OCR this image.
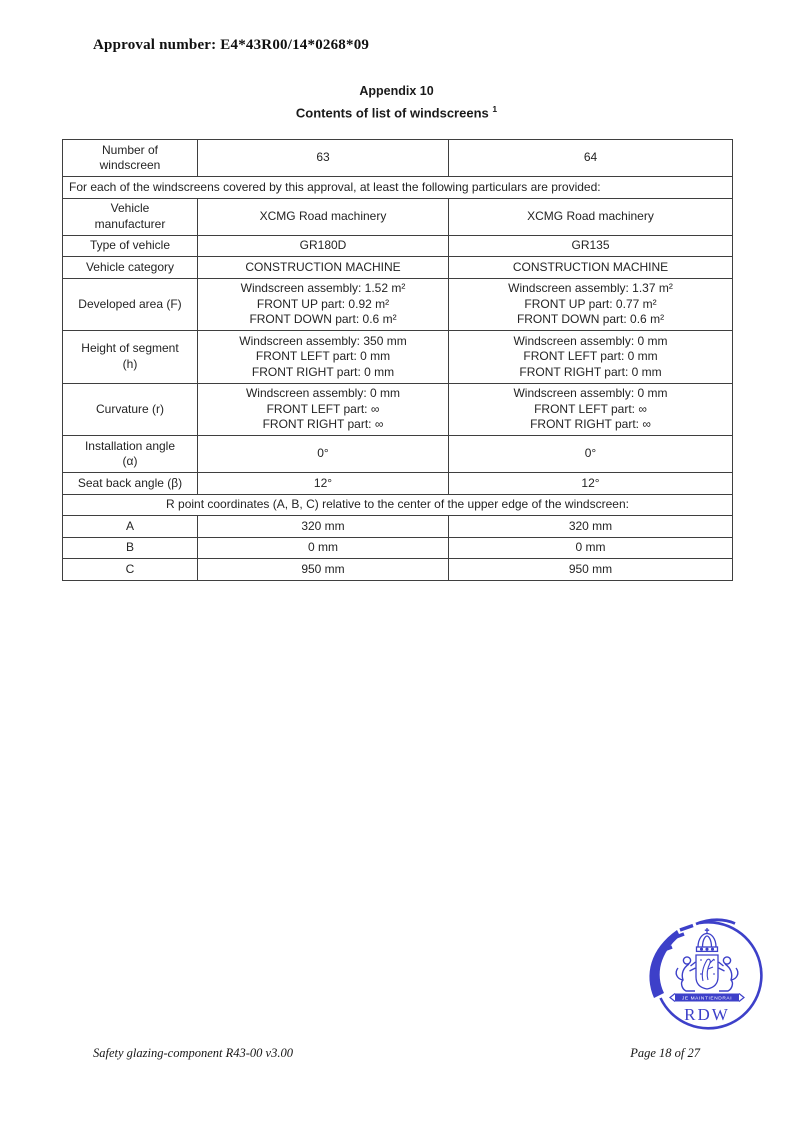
Approval number: E4*43R00/14*0268*09
Appendix 10
Contents of list of windscreens $^1$
Number of
windscreen	63	64
For each of the windscreens covered by this approval, at least the following particulars are provided:		
Vehicle
manufacturer	XCMG Road machinery	XCMG Road machinery
Type of vehicle	GR180D	GR135
Vehicle category	CONSTRUCTION MACHINE	CONSTRUCTION MACHINE
Developed area (F)	Windscreen assembly: 1.52 m²
FRONT UP part: 0.92 m²
FRONT DOWN part: 0.6 m²	Windscreen assembly: 1.37 m²
FRONT UP part: 0.77 m²
FRONT DOWN part: 0.6 m²
Height of segment
(h)	Windscreen assembly: 350 mm
FRONT LEFT part: 0 mm
FRONT RIGHT part: 0 mm	Windscreen assembly: 0 mm
FRONT LEFT part: 0 mm
FRONT RIGHT part: 0 mm
Curvature (r)	Windscreen assembly: 0 mm
FRONT LEFT part: ∞
FRONT RIGHT part: ∞	Windscreen assembly: 0 mm
FRONT LEFT part: ∞
FRONT RIGHT part: ∞
Installation angle
(α)	0°	0°
Seat back angle (β)	12°	12°
R point coordinates (A, B, C) relative to the center of the upper edge of the windscreen:		
A	320 mm	320 mm
B	0 mm	0 mm
C	950 mm	950 mm
JE MAINTIENDRAI
RDW
Safety glazing-component R43-00 v3.00	Page 18 of 27
